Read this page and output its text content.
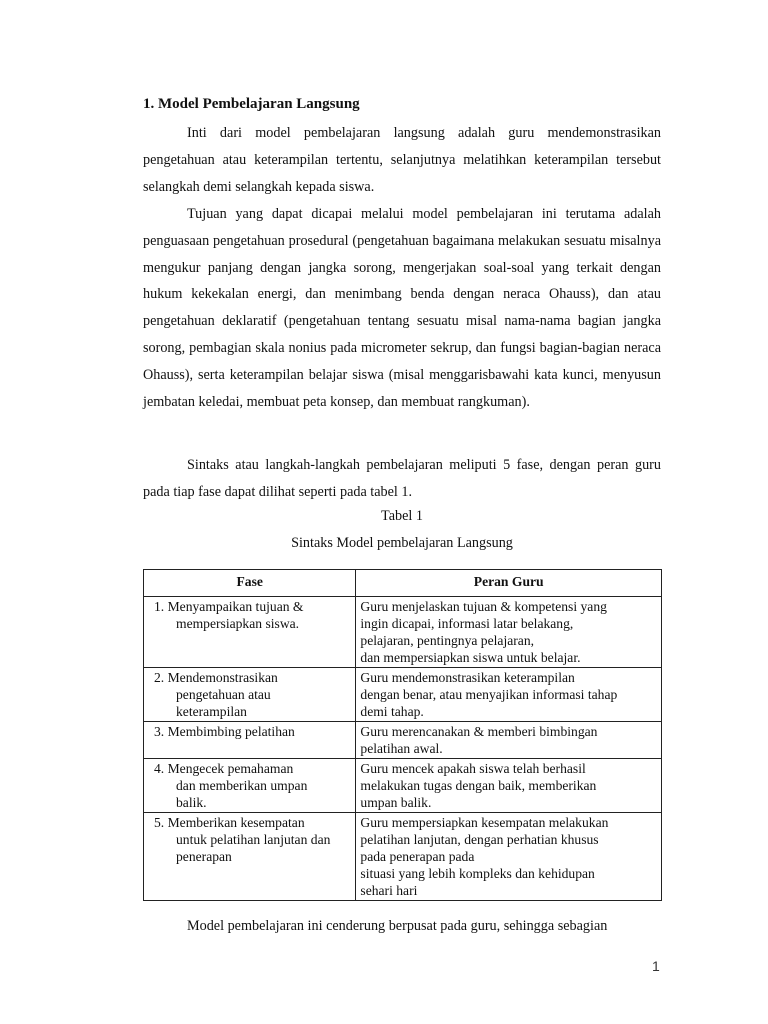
1. Model Pembelajaran Langsung

Inti dari model pembelajaran langsung adalah guru mendemonstrasikan pengetahuan atau keterampilan tertentu, selanjutnya melatihkan keterampilan tersebut selangkah demi selangkah kepada siswa.

Tujuan yang dapat dicapai melalui model pembelajaran ini terutama adalah penguasaan pengetahuan prosedural (pengetahuan bagaimana melakukan sesuatu misalnya mengukur panjang dengan jangka sorong, mengerjakan soal-soal yang terkait dengan hukum kekekalan energi, dan menimbang benda dengan neraca Ohauss), dan atau pengetahuan deklaratif (pengetahuan tentang sesuatu misal nama-nama bagian jangka sorong, pembagian skala nonius pada micrometer sekrup, dan fungsi bagian-bagian neraca Ohauss), serta keterampilan belajar siswa (misal menggarisbawahi kata kunci, menyusun jembatan keledai, membuat peta konsep, dan membuat rangkuman).

Sintaks atau langkah-langkah pembelajaran meliputi 5 fase, dengan peran guru pada tiap fase dapat dilihat seperti pada tabel 1.

Tabel 1
Sintaks Model pembelajaran Langsung
Fase	Peran Guru

1. Menyampaikan tujuan &
mempersiapkan siswa.	Guru menjelaskan tujuan & kompetensi yang
ingin dicapai, informasi latar belakang,
pelajaran, pentingnya pelajaran,
dan mempersiapkan siswa untuk belajar.

2. Mendemonstrasikan
pengetahuan atau
keterampilan	Guru mendemonstrasikan keterampilan
dengan benar, atau menyajikan informasi tahap
demi tahap.

3. Membimbing pelatihan	Guru merencanakan & memberi bimbingan
pelatihan awal.

4. Mengecek pemahaman
dan memberikan umpan
balik.	Guru mencek apakah siswa telah berhasil
melakukan tugas dengan baik, memberikan
umpan balik.

5. Memberikan kesempatan
untuk pelatihan lanjutan dan
penerapan	Guru mempersiapkan kesempatan melakukan
pelatihan lanjutan, dengan perhatian khusus
pada penerapan pada
situasi yang lebih kompleks dan kehidupan
sehari hari

Model pembelajaran ini cenderung berpusat pada guru, sehingga sebagian

1
